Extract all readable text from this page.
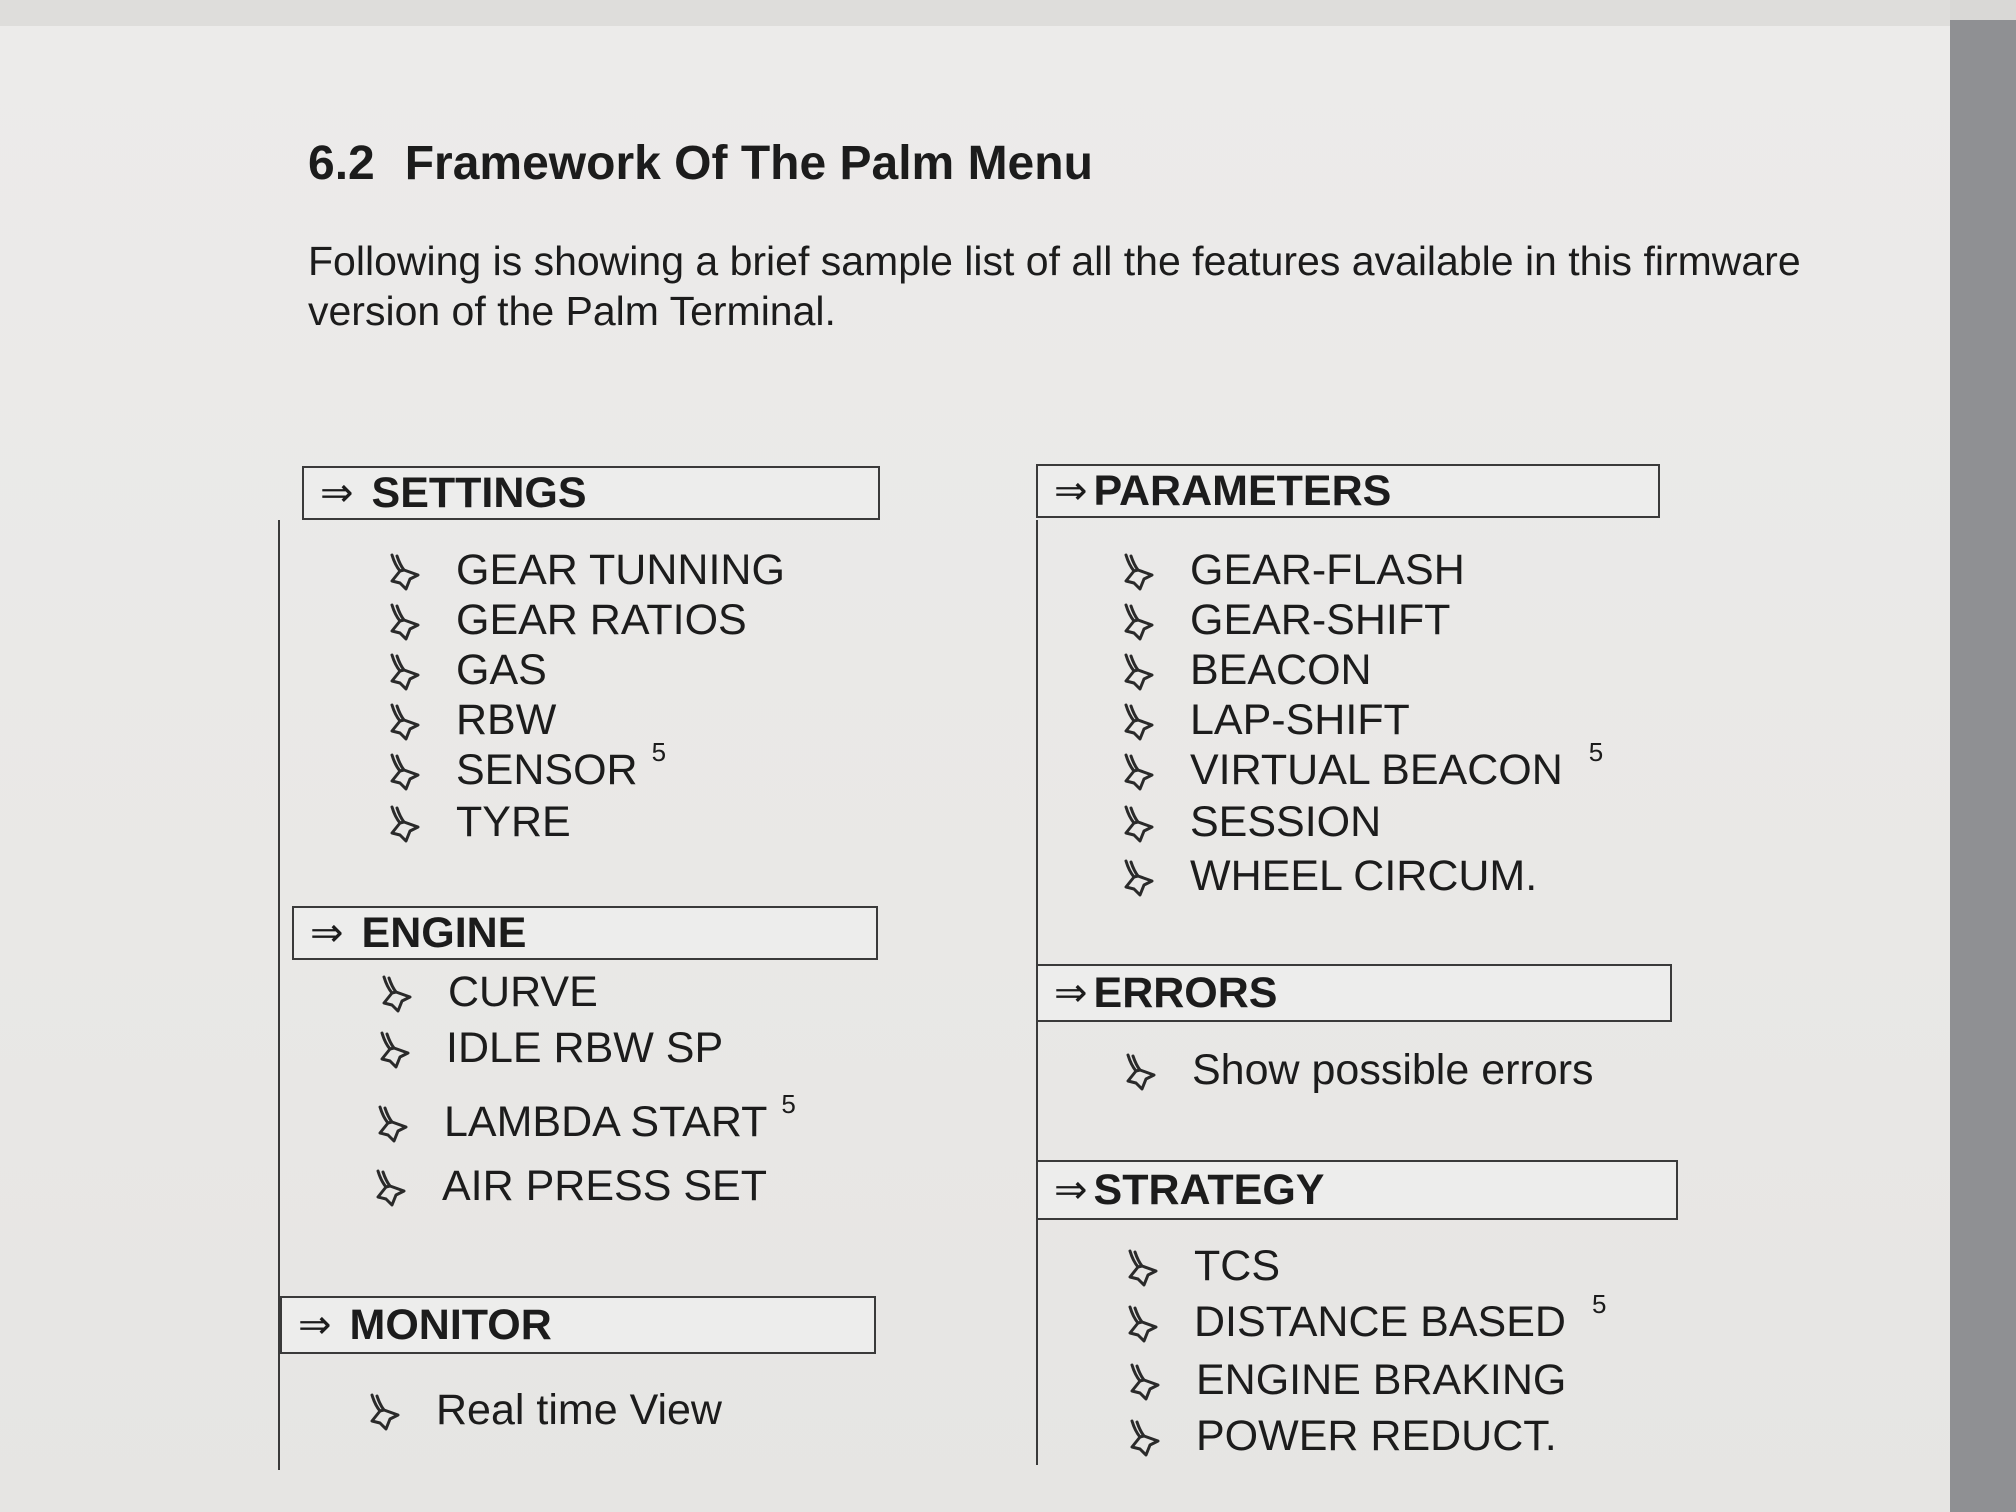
6.2 Framework Of The Palm Menu
Following is showing a brief sample list of all the features available in this firmware version of the Palm Terminal.
⇒ SETTINGS
GEAR TUNNING
GEAR RATIOS
GAS
RBW
SENSOR 5
TYRE
⇒ ENGINE
CURVE
IDLE RBW SP
LAMBDA START 5
AIR PRESS SET
⇒ MONITOR
Real time View
⇒ PARAMETERS
GEAR-FLASH
GEAR-SHIFT
BEACON
LAP-SHIFT
VIRTUAL BEACON 5
SESSION
WHEEL CIRCUM.
⇒ ERRORS
Show possible errors
⇒ STRATEGY
TCS
DISTANCE BASED 5
ENGINE BRAKING
POWER REDUCT.
